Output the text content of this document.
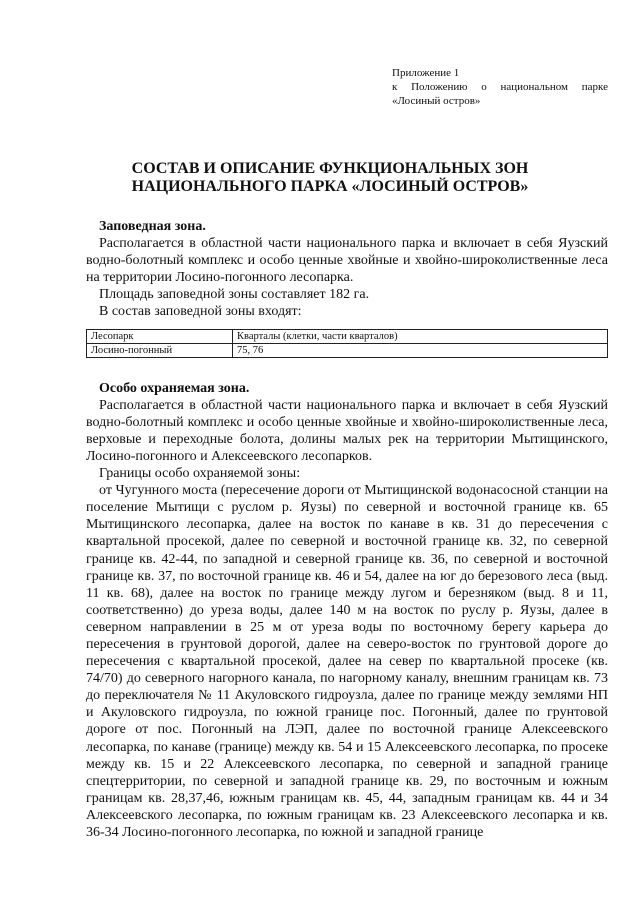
Приложение 1
к Положению о национальном парке
«Лосиный остров»
СОСТАВ И ОПИСАНИЕ ФУНКЦИОНАЛЬНЫХ ЗОН
НАЦИОНАЛЬНОГО ПАРКА «ЛОСИНЫЙ ОСТРОВ»

Заповедная зона.

Располагается в областной части национального парка и включает в себя Яузский водно-болотный комплекс и особо ценные хвойные и хвойно-широколиственные леса на территории Лосино-погонного лесопарка.

Площадь заповедной зоны составляет 182 га.

В состав заповедной зоны входят:

Лесопарк	Кварталы (клетки, части кварталов)
Лосино-погонный	75, 76

Особо охраняемая зона.

Располагается в областной части национального парка и включает в себя Яузский водно-болотный комплекс и особо ценные хвойные и хвойно-широколиственные леса, верховые и переходные болота, долины малых рек на территории Мытищинского, Лосино-погонного и Алексеевского лесопарков.

Границы особо охраняемой зоны:

от Чугунного моста (пересечение дороги от Мытищинской водонасосной станции на поселение Мытищи с руслом р. Яузы) по северной и восточной границе кв. 65 Мытищинского лесопарка, далее на восток по канаве в кв. 31 до пересечения с квартальной просекой, далее по северной и восточной границе кв. 32, по северной границе кв. 42-44, по западной и северной границе кв. 36, по северной и восточной границе кв. 37, по восточной границе кв. 46 и 54, далее на юг до березового леса (выд. 11 кв. 68), далее на восток по границе между лугом и березняком (выд. 8 и 11, соответственно) до уреза воды, далее 140 м на восток по руслу р. Яузы, далее в северном направлении в 25 м от уреза воды по восточному берегу карьера до пересечения в грунтовой дорогой, далее на северо-восток по грунтовой дороге до пересечения с квартальной просекой, далее на север по квартальной просеке (кв. 74/70) до северного нагорного канала, по нагорному каналу, внешним границам кв. 73 до переключателя № 11 Акуловского гидроузла, далее по границе между землями НП и Акуловского гидроузла, по южной границе пос. Погонный, далее по грунтовой дороге от пос. Погонный на ЛЭП, далее по восточной границе Алексеевского лесопарка, по канаве (границе) между кв. 54 и 15 Алексеевского лесопарка, по просеке между кв. 15 и 22 Алексеевского лесопарка, по северной и западной границе спецтерритории, по северной и западной границе кв. 29, по восточным и южным границам кв. 28,37,46, южным границам кв. 45, 44, западным границам кв. 44 и 34 Алексеевского лесопарка, по южным границам кв. 23 Алексеевского лесопарка и кв. 36-34 Лосино-погонного лесопарка, по южной и западной границе
